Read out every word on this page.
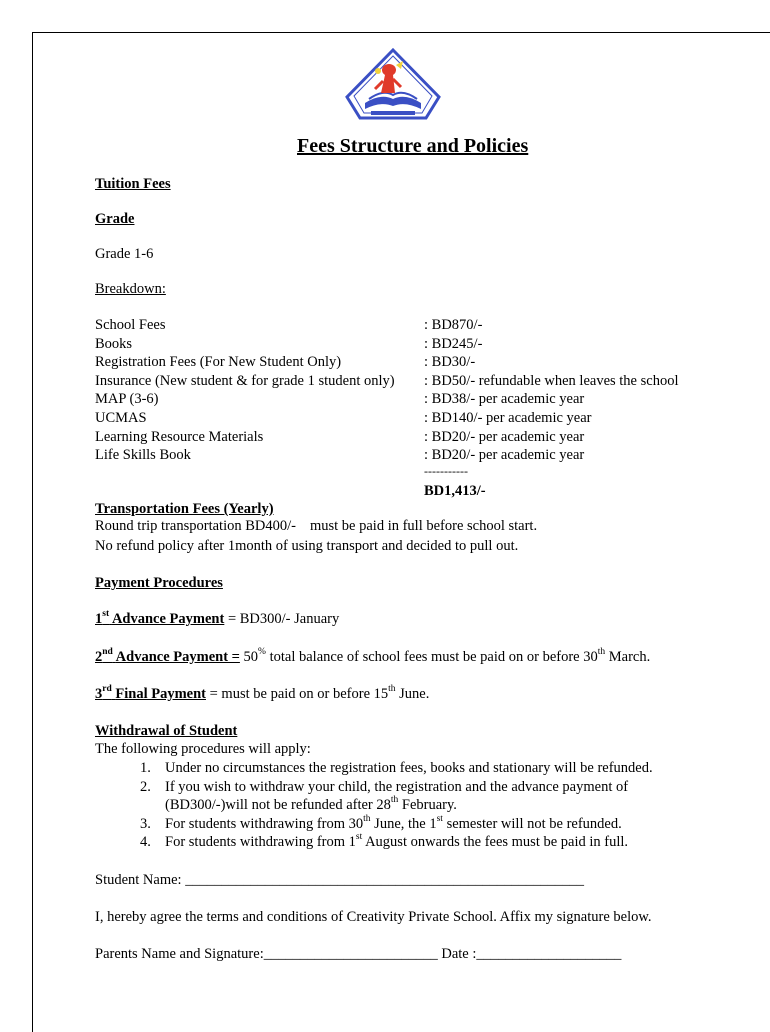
Fees Structure and Policies
Tuition Fees
Grade
Grade 1-6
Breakdown:
School Fees	: BD870/-
Books	: BD245/-
Registration Fees (For New Student Only)	: BD30/-
Insurance (New student & for grade 1 student only) : BD50/- refundable when leaves the school
MAP (3-6)	: BD38/- per academic year
UCMAS	: BD140/- per academic year
Learning Resource Materials	: BD20/- per academic year
Life Skills Book	: BD20/- per academic year
-----------
BD1,413/-
Transportation Fees (Yearly)
Round trip transportation BD400/- must be paid in full before school start.
No refund policy after 1month of using transport and decided to pull out.
Payment Procedures
1st Advance Payment = BD300/- January
2nd Advance Payment = 50% total balance of school fees must be paid on or before 30th March.
3rd Final Payment = must be paid on or before 15th June.
Withdrawal of Student
The following procedures will apply:
1. Under no circumstances the registration fees, books and stationary will be refunded.
2. If you wish to withdraw your child, the registration and the advance payment of
(BD300/-)will not be refunded after 28th February.
3. For students withdrawing from 30th June, the 1st semester will not be refunded.
4. For students withdrawing from 1st August onwards the fees must be paid in full.
Student Name: _______________________________________________________
I, hereby agree the terms and conditions of Creativity Private School. Affix my signature below.
Parents Name and Signature:________________________ Date :____________________
